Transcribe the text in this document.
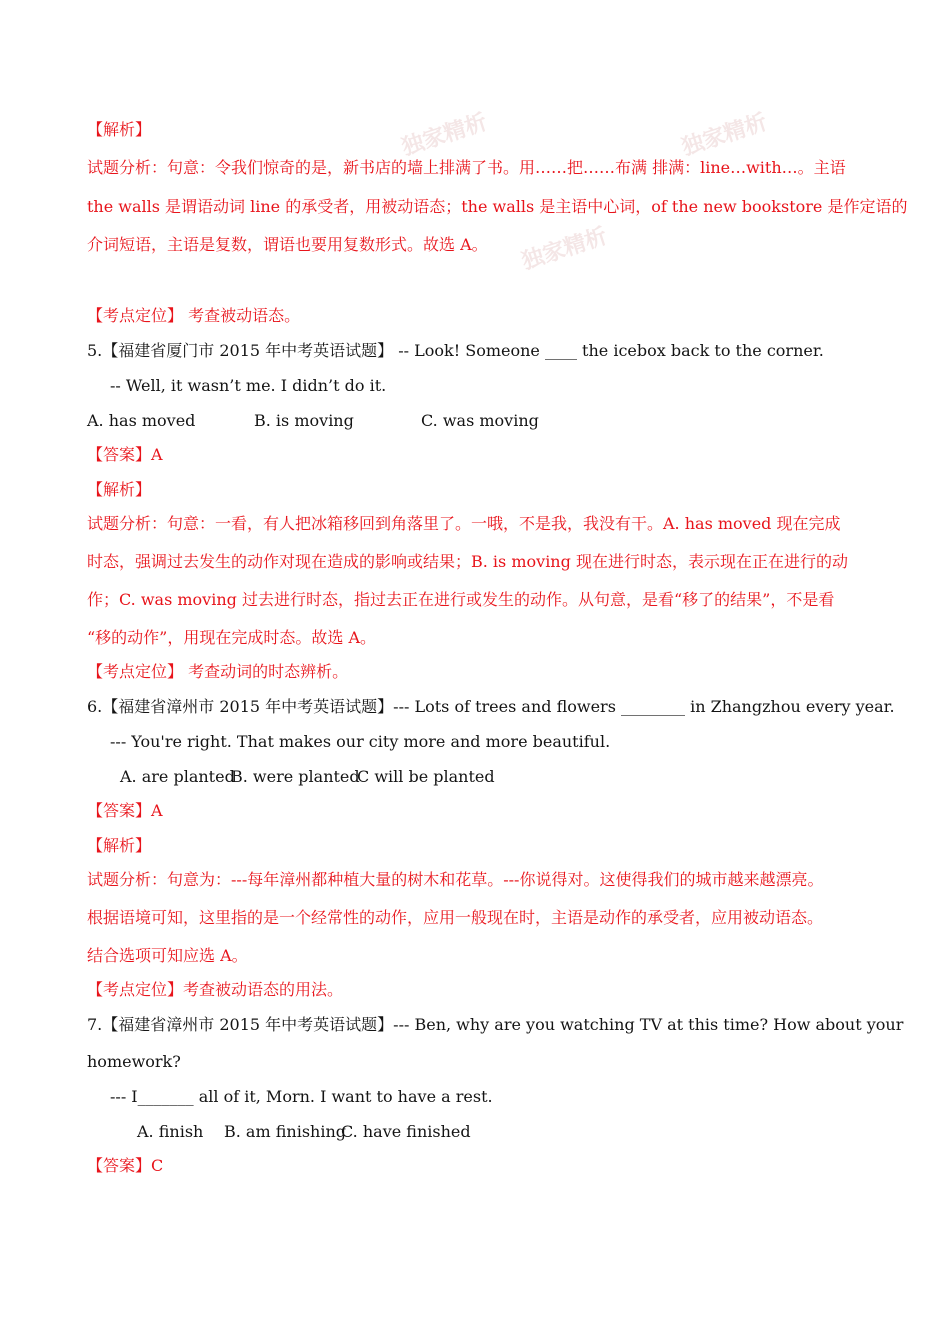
独家精析	独家精析
独家精析
【解析】
试题分析：句意：令我们惊奇的是，新书店的墙上排满了书。用……把……布满 排满：line…with…。主语
the walls 是谓语动词 line 的承受者，用被动语态；the walls 是主语中心词，of the new bookstore 是作定语的
介词短语，主语是复数，谓语也要用复数形式。故选 A。
【考点定位】 考查被动语态。
5.【福建省厦门市 2015 年中考英语试题】 -- Look! Someone ____ the icebox back to the corner.
-- Well, it wasn’t me. I didn’t do it.
A. has moved	B. is moving	C. was moving
【答案】A
【解析】
试题分析：句意：一看，有人把冰箱移回到角落里了。一哦，不是我，我没有干。A. has moved 现在完成
时态，强调过去发生的动作对现在造成的影响或结果；B. is moving 现在进行时态，表示现在正在进行的动
作；C. was moving 过去进行时态，指过去正在进行或发生的动作。从句意，是看“移了的结果”，不是看
“移的动作”，用现在完成时态。故选 A。
【考点定位】 考查动词的时态辨析。
6.【福建省漳州市 2015 年中考英语试题】--- Lots of trees and flowers ________ in Zhangzhou every year.
--- You're right. That makes our city more and more beautiful.
A. are plantedB. were plantedC will be planted
【答案】A
【解析】
试题分析：句意为：---每年漳州都种植大量的树木和花草。---你说得对。这使得我们的城市越来越漂亮。
根据语境可知，这里指的是一个经常性的动作，应用一般现在时，主语是动作的承受者，应用被动语态。
结合选项可知应选 A。
【考点定位】考查被动语态的用法。
7.【福建省漳州市 2015 年中考英语试题】--- Ben, why are you watching TV at this time? How about your
homework?
--- I_______ all of it, Morn. I want to have a rest.
A. finish B. am finishingC. have finished
【答案】C
